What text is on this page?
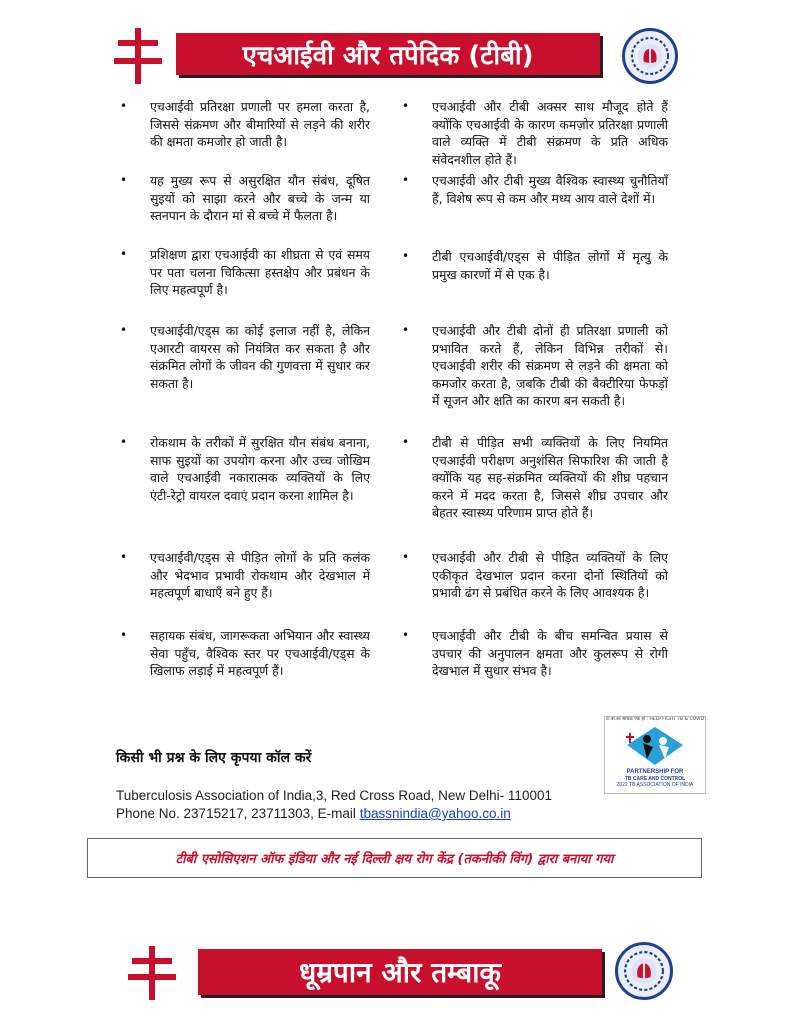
एचआईवी और तपेदिक (टीबी)
•	एचआईवी प्रतिरक्षा प्रणाली पर हमला करता है, जिससे संक्रमण और बीमारियों से लड़ने की शरीर की क्षमता कमजोर हो जाती है।
•	यह मुख्य रूप से असुरक्षित यौन संबंध, दूषित सुइयों को साझा करने और बच्चे के जन्म या स्तनपान के दौरान मां से बच्चे में फैलता है।
•	प्रशिक्षण द्वारा एचआईवी का शीघ्रता से एवं समय पर पता चलना चिकित्सा हस्तक्षेप और प्रबंधन के लिए महत्वपूर्ण है।
•	एचआईवी/एड्स का कोई इलाज नहीं है, लेकिन एआरटी वायरस को नियंत्रित कर सकता है और संक्रमित लोगों के जीवन की गुणवत्ता में सुधार कर सकता है।
•	रोकथाम के तरीकों में सुरक्षित यौन संबंध बनाना, साफ सुइयों का उपयोग करना और उच्च जोखिम वाले एचआईवी नकारात्मक व्यक्तियों के लिए एंटी-रेट्रो वायरल दवाएं प्रदान करना शामिल है।
•	एचआईवी/एड्स से पीड़ित लोगों के प्रति कलंक और भेदभाव प्रभावी रोकथाम और देखभाल में महत्वपूर्ण बाधाएँ बने हुए हैं।
•	सहायक संबंध, जागरूकता अभियान और स्वास्थ्य सेवा पहुँच, वैश्विक स्तर पर एचआईवी/एड्स के खिलाफ लड़ाई में महत्वपूर्ण हैं।
•	एचआईवी और टीबी अक्सर साथ मौजूद होते हैं क्योंकि एचआईवी के कारण कमज़ोर प्रतिरक्षा प्रणाली वाले व्यक्ति में टीबी संक्रमण के प्रति अधिक संवेदनशील होते हैं।
•	एचआईवी और टीबी मुख्य वैश्विक स्वास्थ्य चुनौतियाँ हैं, विशेष रूप से कम और मध्य आय वाले देशों में।
•	टीबी एचआईवी/एड्स से पीड़ित लोगों में मृत्यु के प्रमुख कारणों में से एक है।
•	एचआईवी और टीबी दोनों ही प्रतिरक्षा प्रणाली को प्रभावित करते हैं, लेकिन विभिन्न तरीकों से। एचआईवी शरीर की संक्रमण से लड़ने की क्षमता को कमजोर करता है, जबकि टीबी की बैक्टीरिया फेफड़ों में सूजन और क्षति का कारण बन सकती है।
•	टीबी से पीड़ित सभी व्यक्तियों के लिए नियमित एचआईवी परीक्षण अनुशंसित सिफारिश की जाती है क्योंकि यह सह-संक्रमित व्यक्तियों की शीघ्र पहचान करने में मदद करता है, जिससे शीघ्र उपचार और बेहतर स्वास्थ्य परिणाम प्राप्त होते हैं।
•	एचआईवी और टीबी से पीड़ित व्यक्तियों के लिए एकीकृत देखभाल प्रदान करना दोनों स्थितियों को प्रभावी ढंग से प्रबंधित करने के लिए आवश्यक है।
•	एचआईवी और टीबी के बीच समन्वित प्रयास से उपचार की अनुपालन क्षमता और कुलरूप से रोगी देखभाल में सुधार संभव है।
टी.बी.का सार्थक एक हो : HELP FIGHT TB & COVID
PARTNERSHIP FOR
TB CARE AND CONTROL
2022 TB ASSOCIATION OF INDIA
किसी भी प्रश्न के लिए कृपया कॉल करें
Tuberculosis Association of India,3, Red Cross Road, New Delhi- 110001
Phone No. 23715217, 23711303, E-mail tbassnindia@yahoo.co.in
टीबी एसोसिएशन ऑफ इंडिया और नई दिल्ली क्षय रोग केंद्र (तकनीकी विंग) द्वारा बनाया गया
धूम्रपान और तम्बाकू
